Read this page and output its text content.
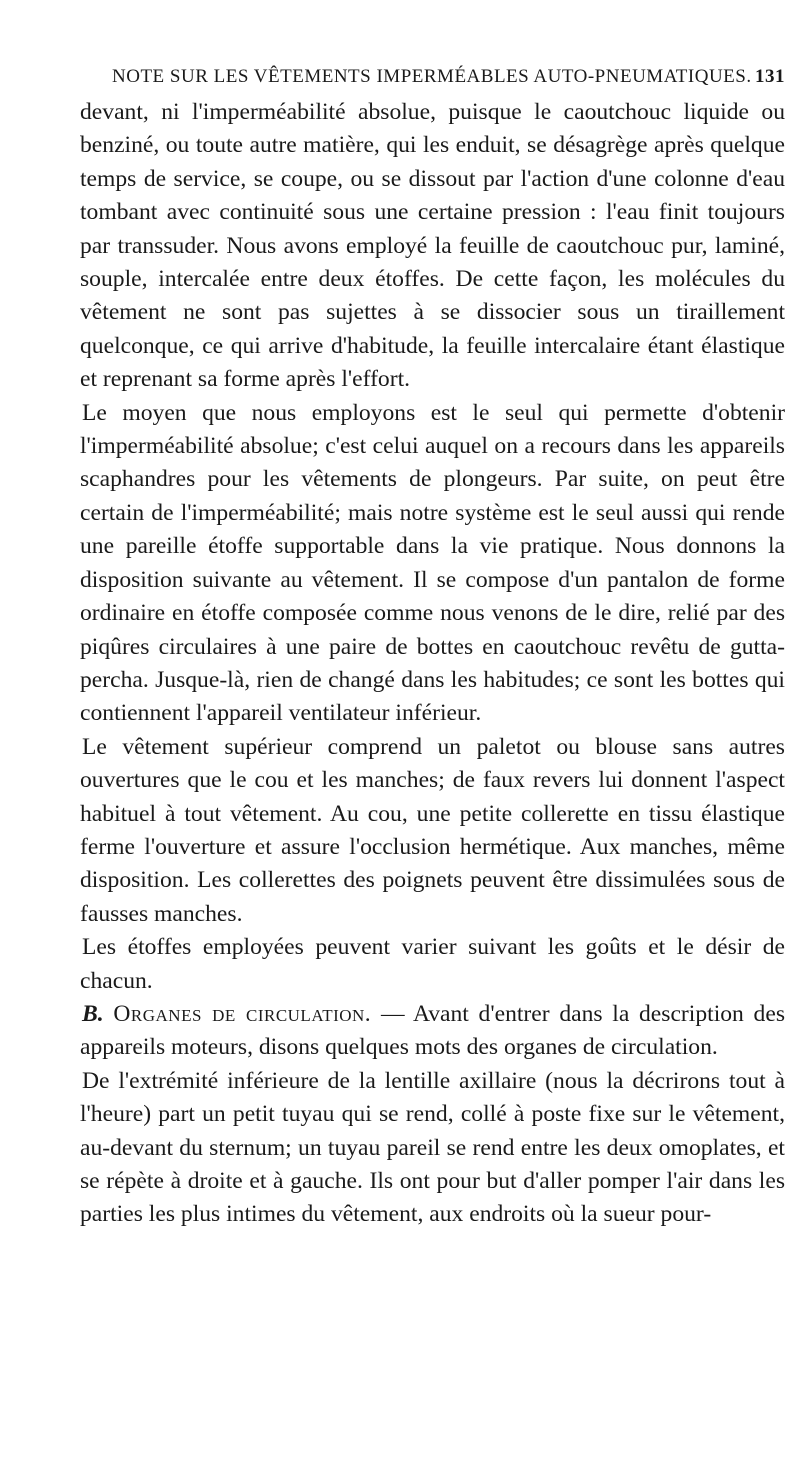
NOTE SUR LES VÊTEMENTS IMPERMÉABLES AUTO-PNEUMATIQUES. 131

devant, ni l'imperméabilité absolue, puisque le caoutchouc liquide ou benziné, ou toute autre matière, qui les enduit, se désagrège après quelque temps de service, se coupe, ou se dissout par l'action d'une colonne d'eau tombant avec continuité sous une certaine pression : l'eau finit toujours par transsuder. Nous avons employé la feuille de caoutchouc pur, laminé, souple, intercalée entre deux étoffes. De cette façon, les molécules du vêtement ne sont pas sujettes à se dissocier sous un tiraillement quelconque, ce qui arrive d'habitude, la feuille intercalaire étant élastique et reprenant sa forme après l'effort.

Le moyen que nous employons est le seul qui permette d'obtenir l'imperméabilité absolue; c'est celui auquel on a recours dans les appareils scaphandres pour les vêtements de plongeurs. Par suite, on peut être certain de l'imperméabilité; mais notre système est le seul aussi qui rende une pareille étoffe supportable dans la vie pratique. Nous donnons la disposition suivante au vêtement. Il se compose d'un pantalon de forme ordinaire en étoffe composée comme nous venons de le dire, relié par des piqûres circulaires à une paire de bottes en caoutchouc revêtu de gutta-percha. Jusque-là, rien de changé dans les habitudes; ce sont les bottes qui contiennent l'appareil ventilateur inférieur.

Le vêtement supérieur comprend un paletot ou blouse sans autres ouvertures que le cou et les manches; de faux revers lui donnent l'aspect habituel à tout vêtement. Au cou, une petite collerette en tissu élastique ferme l'ouverture et assure l'occlusion hermétique. Aux manches, même disposition. Les collerettes des poignets peuvent être dissimulées sous de fausses manches.

Les étoffes employées peuvent varier suivant les goûts et le désir de chacun.

B. Organes de circulation. — Avant d'entrer dans la description des appareils moteurs, disons quelques mots des organes de circulation.

De l'extrémité inférieure de la lentille axillaire (nous la décrirons tout à l'heure) part un petit tuyau qui se rend, collé à poste fixe sur le vêtement, au-devant du sternum; un tuyau pareil se rend entre les deux omoplates, et se répète à droite et à gauche. Ils ont pour but d'aller pomper l'air dans les parties les plus intimes du vêtement, aux endroits où la sueur pour-
